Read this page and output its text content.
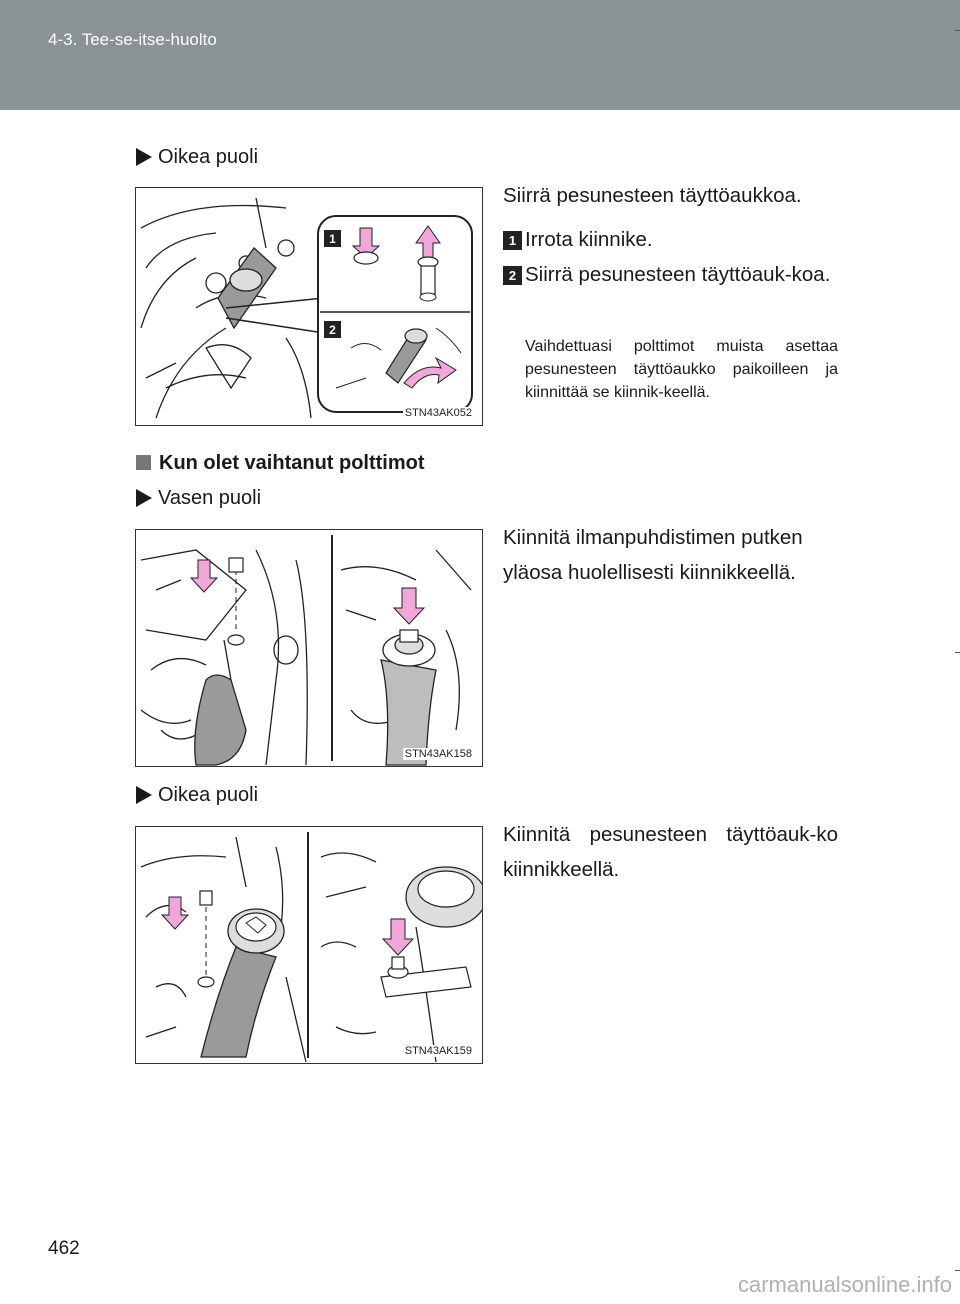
4-3. Tee-se-itse-huolto
Oikea puoli
1
2
STN43AK052
Siirrä pesunesteen täyttöaukkoa.
1 Irrota kiinnike.
2 Siirrä pesunesteen täyttöauk-koa.
Vaihdettuasi polttimot muista asettaa pesunesteen täyttöaukko paikoilleen ja kiinnittää se kiinnik-keellä.
Kun olet vaihtanut polttimot
Vasen puoli
STN43AK158
Kiinnitä ilmanpuhdistimen putken yläosa huolellisesti kiinnikkeellä.
Oikea puoli
STN43AK159
Kiinnitä pesunesteen täyttöauk-ko kiinnikkeellä.
462
carmanualsonline.info
